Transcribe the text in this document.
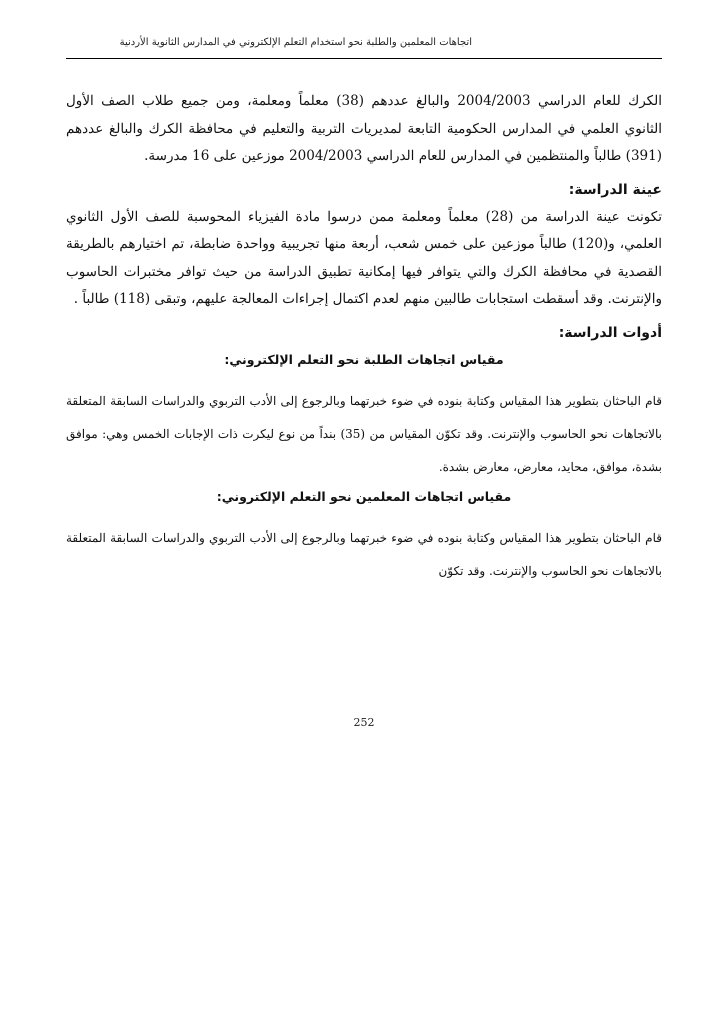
اتجاهات المعلمين والطلبة نحو استخدام التعلم الإلكتروني في المدارس الثانوية الأردنية

الكرك للعام الدراسي 2004/2003 والبالغ عددهم (38) معلماً ومعلمة، ومن جميع طلاب الصف الأول الثانوي العلمي في المدارس الحكومية التابعة لمديريات التربية والتعليم في محافظة الكرك والبالغ عددهم (391) طالباً والمنتظمين في المدارس للعام الدراسي 2004/2003 موزعين على 16 مدرسة.

عينة الدراسة:

تكونت عينة الدراسة من (28) معلماً ومعلمة ممن درسوا مادة الفيزياء المحوسبة للصف الأول الثانوي العلمي، و(120) طالباً موزعين على خمس شعب، أربعة منها تجريبية وواحدة ضابطة، تم اختيارهم بالطريقة القصدية في محافظة الكرك والتي يتوافر فيها إمكانية تطبيق الدراسة من حيث توافر مختبرات الحاسوب والإنترنت. وقد أسقطت استجابات طالبين منهم لعدم اكتمال إجراءات المعالجة عليهم، وتبقى (118) طالباً .

أدوات الدراسة:
مقياس اتجاهات الطلبة نحو التعلم الإلكتروني:

قام الباحثان بتطوير هذا المقياس وكتابة بنوده في ضوء خبرتهما وبالرجوع إلى الأدب التربوي والدراسات السابقة المتعلقة بالاتجاهات نحو الحاسوب والإنترنت. وقد تكوّن المقياس من (35) بنداً من نوع ليكرت ذات الإجابات الخمس وهي: موافق بشدة، موافق، محايد، معارض، معارض بشدة.

مقياس اتجاهات المعلمين نحو التعلم الإلكتروني:

قام الباحثان بتطوير هذا المقياس وكتابة بنوده في ضوء خبرتهما وبالرجوع إلى الأدب التربوي والدراسات السابقة المتعلقة بالاتجاهات نحو الحاسوب والإنترنت. وقد تكوّن

252
